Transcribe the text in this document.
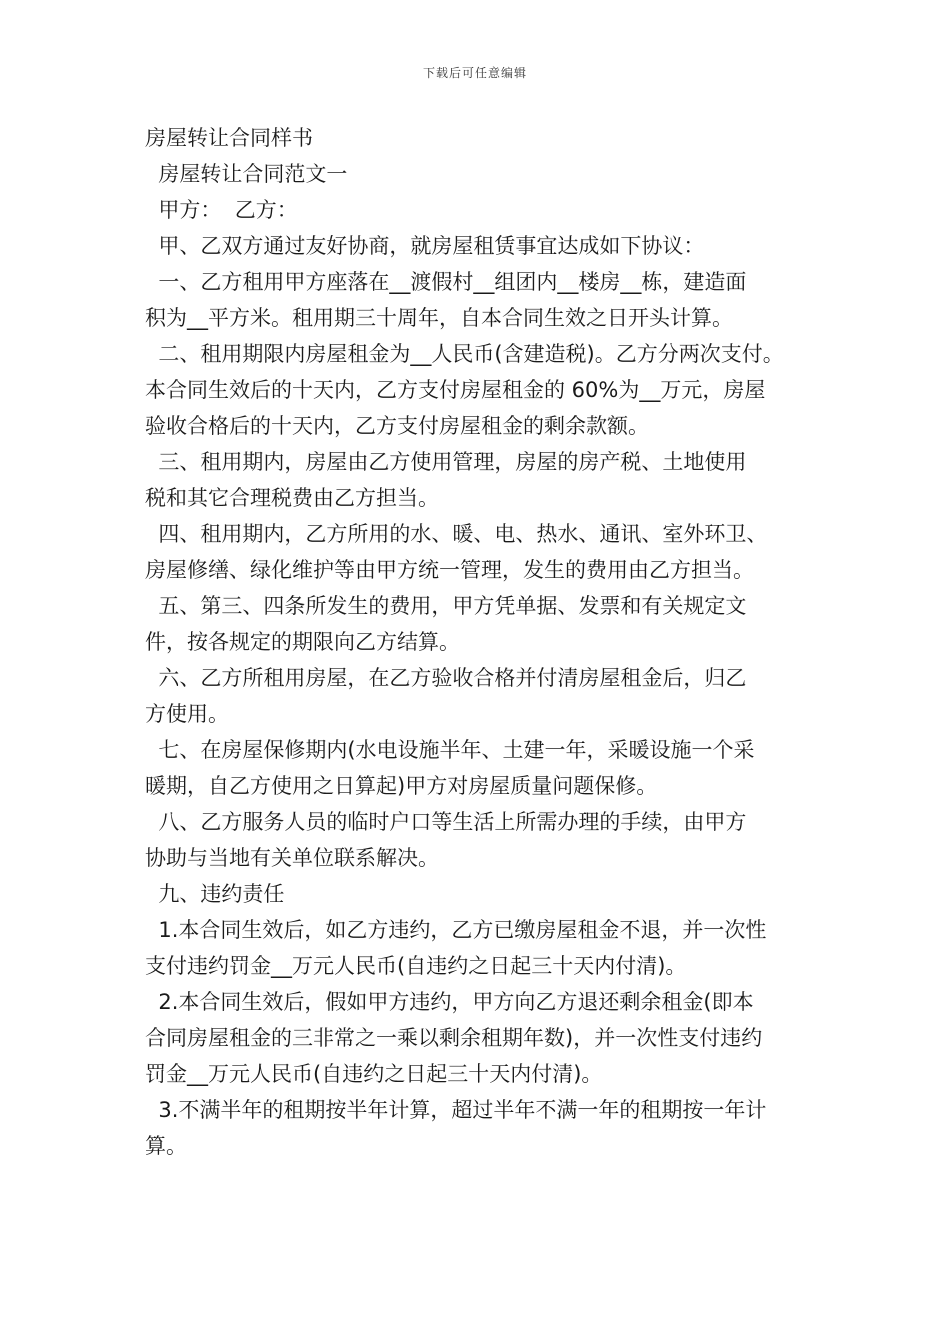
下载后可任意编辑
房屋转让合同样书
房屋转让合同范文一
甲方：  乙方：
甲、乙双方通过友好协商，就房屋租赁事宜达成如下协议：
一、乙方租用甲方座落在__渡假村__组团内__楼房__栋，建造面
积为__平方米。租用期三十周年，自本合同生效之日开头计算。
二、租用期限内房屋租金为__人民币(含建造税)。乙方分两次支付。
本合同生效后的十天内，乙方支付房屋租金的 60%为__万元，房屋
验收合格后的十天内，乙方支付房屋租金的剩余款额。
三、租用期内，房屋由乙方使用管理，房屋的房产税、土地使用
税和其它合理税费由乙方担当。
四、租用期内，乙方所用的水、暖、电、热水、通讯、室外环卫、
房屋修缮、绿化维护等由甲方统一管理，发生的费用由乙方担当。
五、第三、四条所发生的费用，甲方凭单据、发票和有关规定文
件，按各规定的期限向乙方结算。
六、乙方所租用房屋，在乙方验收合格并付清房屋租金后，归乙
方使用。
七、在房屋保修期内(水电设施半年、土建一年，采暖设施一个采
暖期，自乙方使用之日算起)甲方对房屋质量问题保修。
八、乙方服务人员的临时户口等生活上所需办理的手续，由甲方
协助与当地有关单位联系解决。
九、违约责任
1.本合同生效后，如乙方违约，乙方已缴房屋租金不退，并一次性
支付违约罚金__万元人民币(自违约之日起三十天内付清)。
2.本合同生效后，假如甲方违约，甲方向乙方退还剩余租金(即本
合同房屋租金的三非常之一乘以剩余租期年数)，并一次性支付违约
罚金__万元人民币(自违约之日起三十天内付清)。
3.不满半年的租期按半年计算，超过半年不满一年的租期按一年计
算。
